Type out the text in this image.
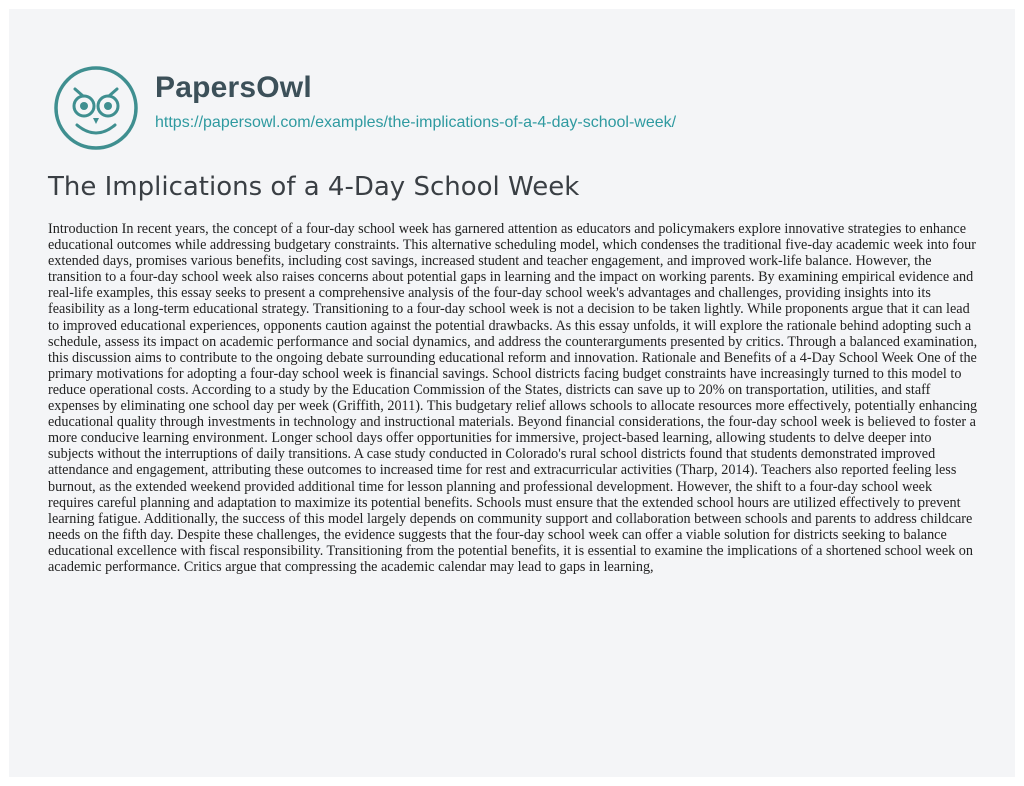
PapersOwl
https://papersowl.com/examples/the-implications-of-a-4-day-school-week/
The Implications of a 4-Day School Week

Introduction In recent years, the concept of a four-day school week has garnered attention as educators and policymakers explore innovative strategies to enhance educational outcomes while addressing budgetary constraints. This alternative scheduling model, which condenses the traditional five-day academic week into four extended days, promises various benefits, including cost savings, increased student and teacher engagement, and improved work-life balance. However, the transition to a four-day school week also raises concerns about potential gaps in learning and the impact on working parents. By examining empirical evidence and real-life examples, this essay seeks to present a comprehensive analysis of the four-day school week's advantages and challenges, providing insights into its feasibility as a long-term educational strategy. Transitioning to a four-day school week is not a decision to be taken lightly. While proponents argue that it can lead to improved educational experiences, opponents caution against the potential drawbacks. As this essay unfolds, it will explore the rationale behind adopting such a schedule, assess its impact on academic performance and social dynamics, and address the counterarguments presented by critics. Through a balanced examination, this discussion aims to contribute to the ongoing debate surrounding educational reform and innovation. Rationale and Benefits of a 4-Day School Week One of the primary motivations for adopting a four-day school week is financial savings. School districts facing budget constraints have increasingly turned to this model to reduce operational costs. According to a study by the Education Commission of the States, districts can save up to 20% on transportation, utilities, and staff expenses by eliminating one school day per week (Griffith, 2011). This budgetary relief allows schools to allocate resources more effectively, potentially enhancing educational quality through investments in technology and instructional materials. Beyond financial considerations, the four-day school week is believed to foster a more conducive learning environment. Longer school days offer opportunities for immersive, project-based learning, allowing students to delve deeper into subjects without the interruptions of daily transitions. A case study conducted in Colorado's rural school districts found that students demonstrated improved attendance and engagement, attributing these outcomes to increased time for rest and extracurricular activities (Tharp, 2014). Teachers also reported feeling less burnout, as the extended weekend provided additional time for lesson planning and professional development. However, the shift to a four-day school week requires careful planning and adaptation to maximize its potential benefits. Schools must ensure that the extended school hours are utilized effectively to prevent learning fatigue. Additionally, the success of this model largely depends on community support and collaboration between schools and parents to address childcare needs on the fifth day. Despite these challenges, the evidence suggests that the four-day school week can offer a viable solution for districts seeking to balance educational excellence with fiscal responsibility. Transitioning from the potential benefits, it is essential to examine the implications of a shortened school week on academic performance. Critics argue that compressing the academic calendar may lead to gaps in learning,
